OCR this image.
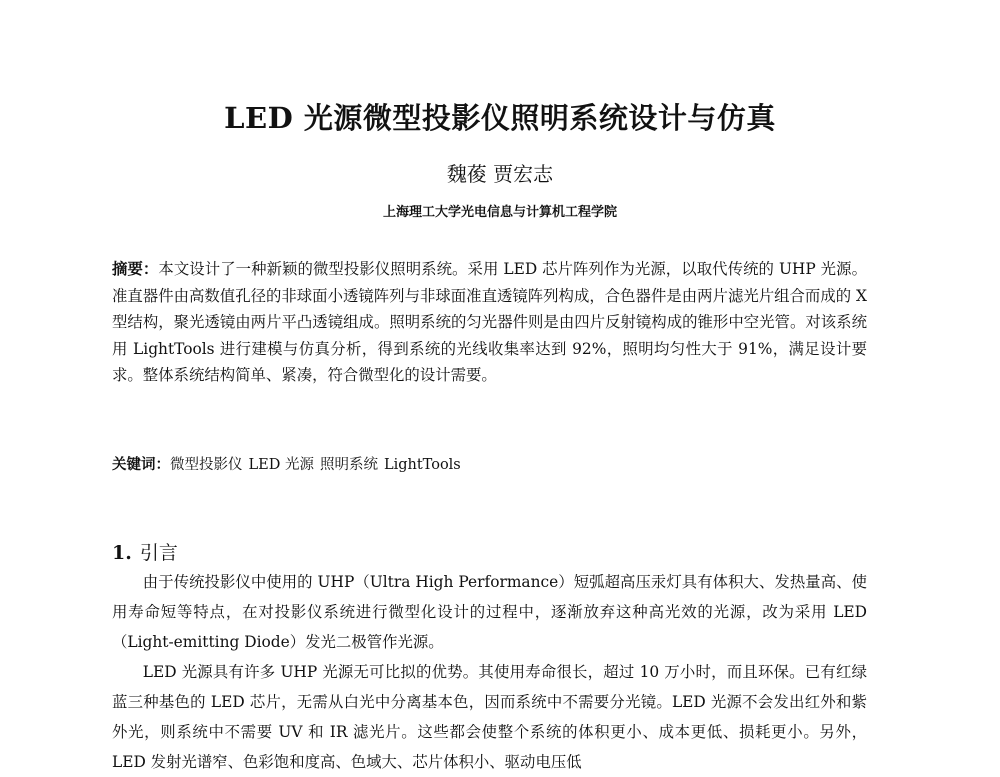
LED 光源微型投影仪照明系统设计与仿真
魏葰 贾宏志
上海理工大学光电信息与计算机工程学院

摘要：本文设计了一种新颖的微型投影仪照明系统。采用 LED 芯片阵列作为光源，以取代传统的 UHP 光源。准直器件由高数值孔径的非球面小透镜阵列与非球面准直透镜阵列构成，合色器件是由两片滤光片组合而成的 X 型结构，聚光透镜由两片平凸透镜组成。照明系统的匀光器件则是由四片反射镜构成的锥形中空光管。对该系统用 LightTools 进行建模与仿真分析，得到系统的光线收集率达到 92%，照明均匀性大于 91%，满足设计要求。整体系统结构简单、紧凑，符合微型化的设计需要。

关键词：微型投影仪 LED 光源 照明系统 LightTools

1. 引言

由于传统投影仪中使用的 UHP（Ultra High Performance）短弧超高压汞灯具有体积大、发热量高、使用寿命短等特点，在对投影仪系统进行微型化设计的过程中，逐渐放弃这种高光效的光源，改为采用 LED（Light-emitting Diode）发光二极管作光源。

LED 光源具有许多 UHP 光源无可比拟的优势。其使用寿命很长，超过 10 万小时，而且环保。已有红绿蓝三种基色的 LED 芯片，无需从白光中分离基本色，因而系统中不需要分光镜。LED 光源不会发出红外和紫外光，则系统中不需要 UV 和 IR 滤光片。这些都会使整个系统的体积更小、成本更低、损耗更小。另外，LED 发射光谱窄、色彩饱和度高、色域大、芯片体积小、驱动电压低
